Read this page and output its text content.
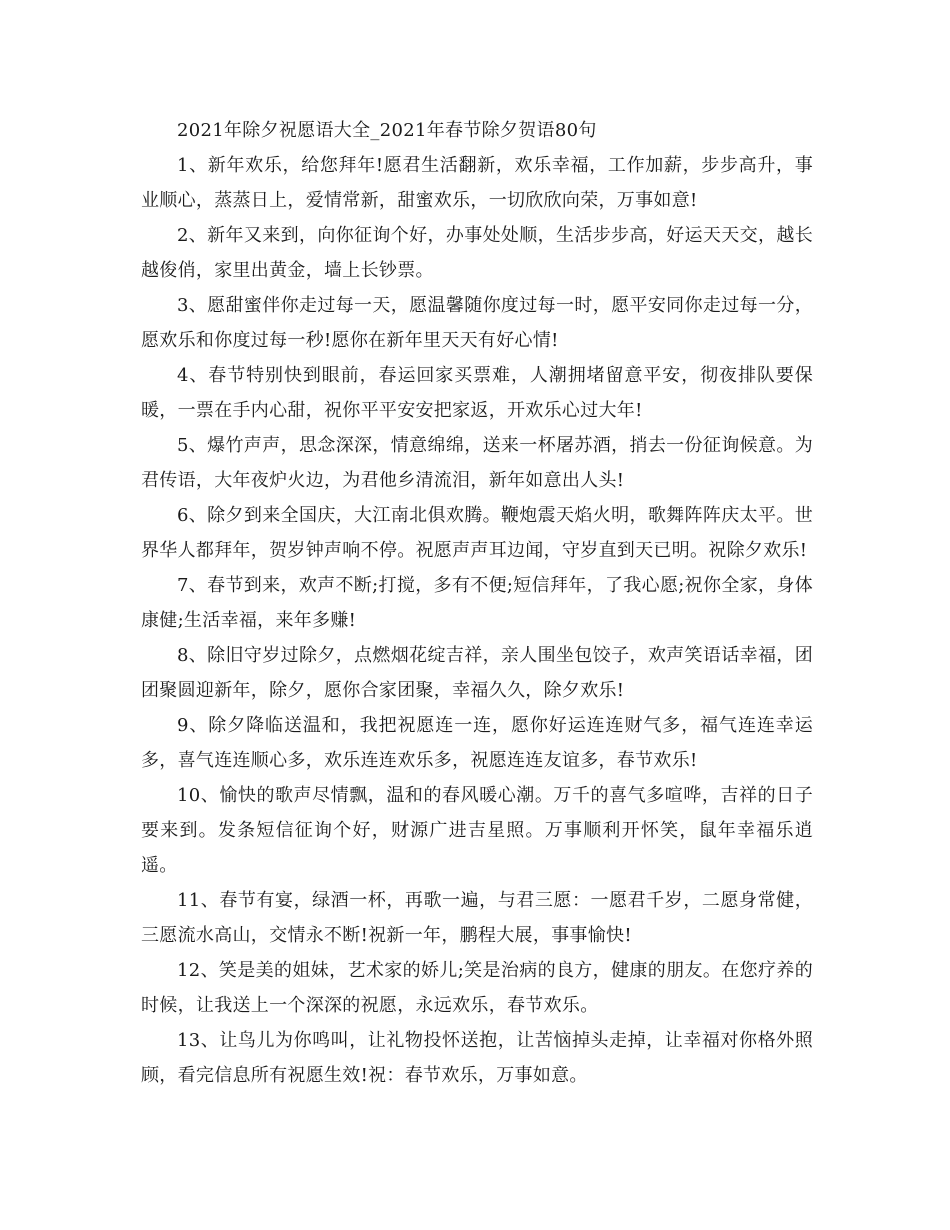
2021年除夕祝愿语大全_2021年春节除夕贺语80句

1、新年欢乐，给您拜年!愿君生活翻新，欢乐幸福，工作加薪，步步高升，事业顺心，蒸蒸日上，爱情常新，甜蜜欢乐，一切欣欣向荣，万事如意!

2、新年又来到，向你征询个好，办事处处顺，生活步步高，好运天天交，越长越俊俏，家里出黄金，墙上长钞票。

3、愿甜蜜伴你走过每一天，愿温馨随你度过每一时，愿平安同你走过每一分，愿欢乐和你度过每一秒!愿你在新年里天天有好心情!

4、春节特别快到眼前，春运回家买票难，人潮拥堵留意平安，彻夜排队要保暖，一票在手内心甜，祝你平平安安把家返，开欢乐心过大年!

5、爆竹声声，思念深深，情意绵绵，送来一杯屠苏酒，捎去一份征询候意。为君传语，大年夜炉火边，为君他乡清流泪，新年如意出人头!

6、除夕到来全国庆，大江南北俱欢腾。鞭炮震天焰火明，歌舞阵阵庆太平。世界华人都拜年，贺岁钟声响不停。祝愿声声耳边闻，守岁直到天已明。祝除夕欢乐!

7、春节到来，欢声不断;打搅，多有不便;短信拜年，了我心愿;祝你全家，身体康健;生活幸福，来年多赚!

8、除旧守岁过除夕，点燃烟花绽吉祥，亲人围坐包饺子，欢声笑语话幸福，团团聚圆迎新年，除夕，愿你合家团聚，幸福久久，除夕欢乐!

9、除夕降临送温和，我把祝愿连一连，愿你好运连连财气多，福气连连幸运多，喜气连连顺心多，欢乐连连欢乐多，祝愿连连友谊多，春节欢乐!

10、愉快的歌声尽情飘，温和的春风暖心潮。万千的喜气多喧哗，吉祥的日子要来到。发条短信征询个好，财源广进吉星照。万事顺利开怀笑，鼠年幸福乐逍遥。

11、春节有宴，绿酒一杯，再歌一遍，与君三愿：一愿君千岁，二愿身常健，三愿流水高山，交情永不断!祝新一年，鹏程大展，事事愉快!

12、笑是美的姐妹，艺术家的娇儿;笑是治病的良方，健康的朋友。在您疗养的时候，让我送上一个深深的祝愿，永远欢乐，春节欢乐。

13、让鸟儿为你鸣叫，让礼物投怀送抱，让苦恼掉头走掉，让幸福对你格外照顾，看完信息所有祝愿生效!祝：春节欢乐，万事如意。
